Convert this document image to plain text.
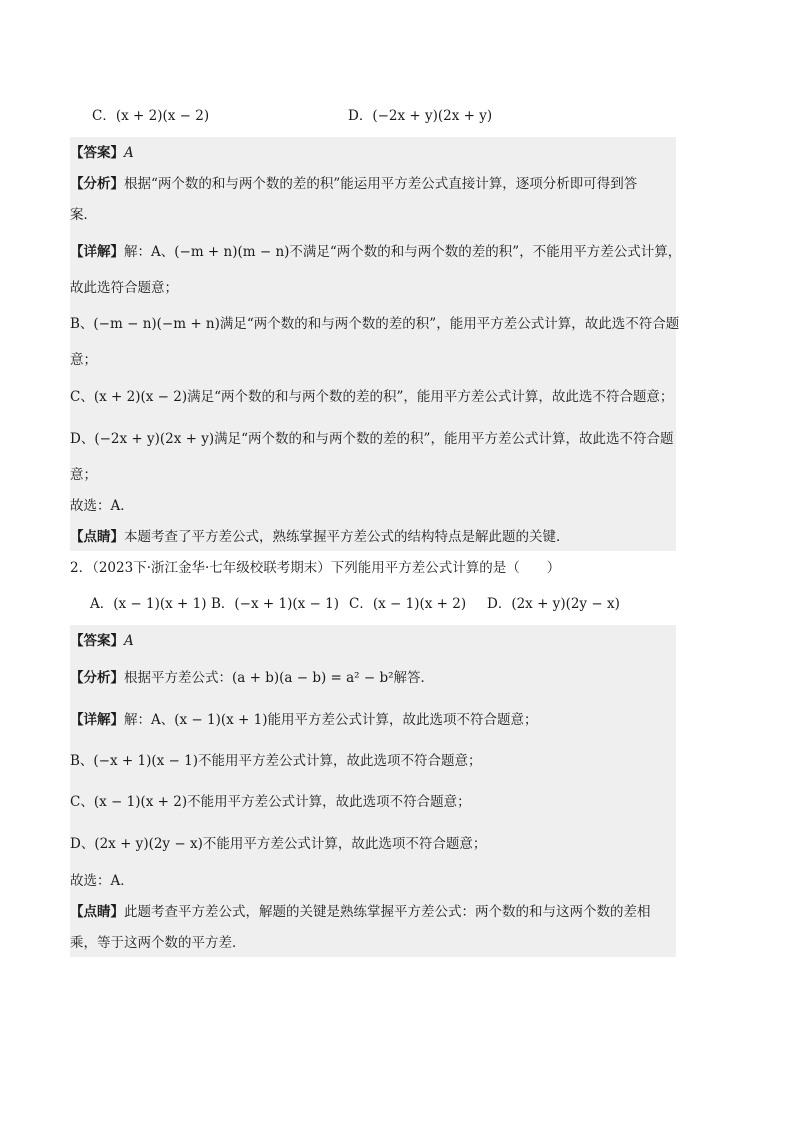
C．(x + 2)(x − 2)	D．(−2x + y)(2x + y)
【答案】A
【分析】根据“两个数的和与两个数的差的积”能运用平方差公式直接计算，逐项分析即可得到答
案．
【详解】解：A、(−m + n)(m − n)不满足“两个数的和与两个数的差的积”，不能用平方差公式计算，
故此选符合题意；
B、(−m − n)(−m + n)满足“两个数的和与两个数的差的积”，能用平方差公式计算，故此选不符合题
意；
C、(x + 2)(x − 2)满足“两个数的和与两个数的差的积”，能用平方差公式计算，故此选不符合题意；
D、(−2x + y)(2x + y)满足“两个数的和与两个数的差的积”，能用平方差公式计算，故此选不符合题
意；
故选：A．
【点睛】本题考查了平方差公式，熟练掌握平方差公式的结构特点是解此题的关键．
2．（2023下·浙江金华·七年级校联考期末）下列能用平方差公式计算的是（　　）
A．(x − 1)(x + 1) B．(−x + 1)(x − 1) C．(x − 1)(x + 2) D．(2x + y)(2y − x)
【答案】A
【分析】根据平方差公式：(a + b)(a − b) = a² − b²解答．
【详解】解：A、(x − 1)(x + 1)能用平方差公式计算，故此选项不符合题意；
B、(−x + 1)(x − 1)不能用平方差公式计算，故此选项不符合题意；
C、(x − 1)(x + 2)不能用平方差公式计算，故此选项不符合题意；
D、(2x + y)(2y − x)不能用平方差公式计算，故此选项不符合题意；
故选：A．
【点睛】此题考查平方差公式，解题的关键是熟练掌握平方差公式：两个数的和与这两个数的差相
乘，等于这两个数的平方差．
